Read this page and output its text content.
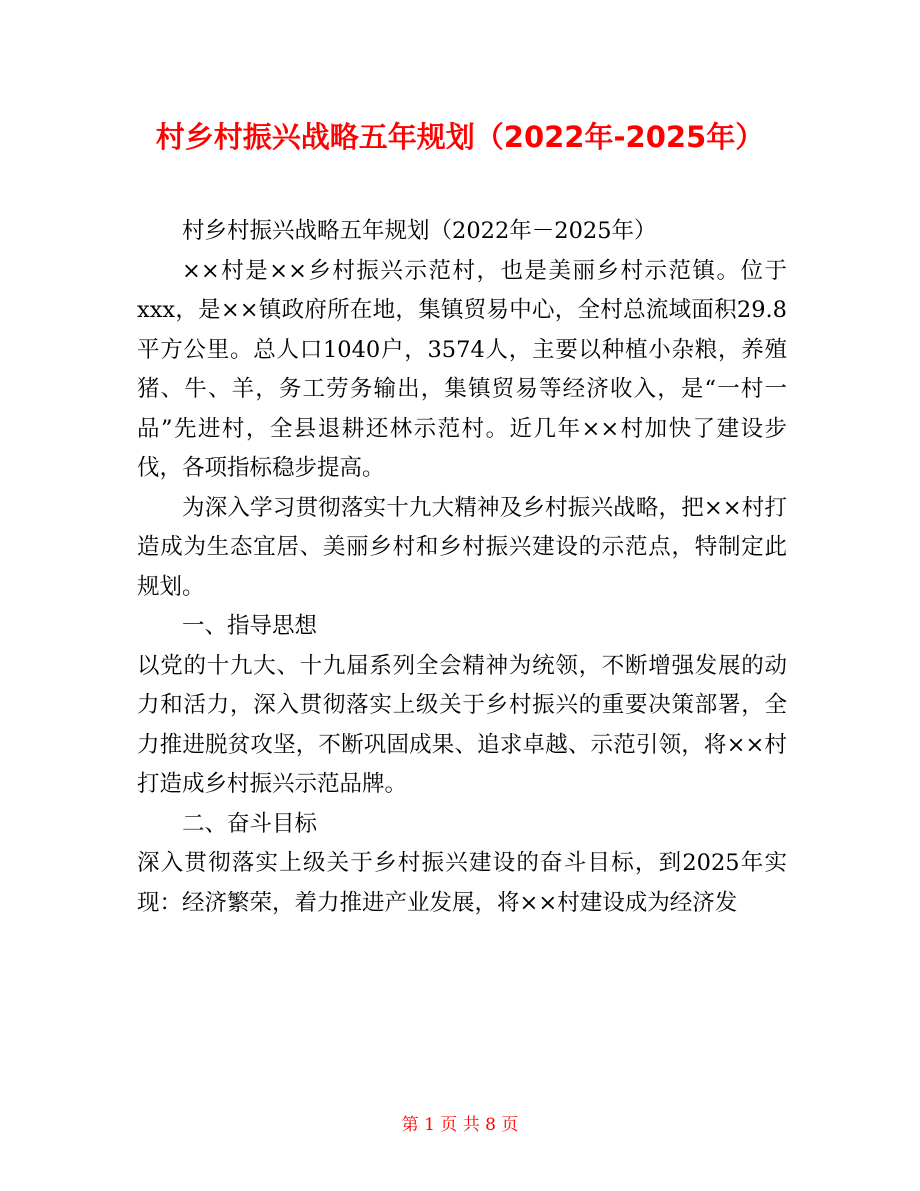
村乡村振兴战略五年规划（2022年-2025年）

村乡村振兴战略五年规划（2022年－2025年）

××村是××乡村振兴示范村，也是美丽乡村示范镇。位于xxx，是××镇政府所在地，集镇贸易中心，全村总流域面积29.8平方公里。总人口1040户，3574人，主要以种植小杂粮，养殖猪、牛、羊，务工劳务输出，集镇贸易等经济收入，是“一村一品”先进村，全县退耕还林示范村。近几年××村加快了建设步伐，各项指标稳步提高。

为深入学习贯彻落实十九大精神及乡村振兴战略，把××村打造成为生态宜居、美丽乡村和乡村振兴建设的示范点，特制定此规划。

一、指导思想

以党的十九大、十九届系列全会精神为统领，不断增强发展的动力和活力，深入贯彻落实上级关于乡村振兴的重要决策部署，全力推进脱贫攻坚，不断巩固成果、追求卓越、示范引领，将××村打造成乡村振兴示范品牌。

二、奋斗目标

深入贯彻落实上级关于乡村振兴建设的奋斗目标，到2025年实现：经济繁荣，着力推进产业发展，将××村建设成为经济发

第 1 页 共 8 页
